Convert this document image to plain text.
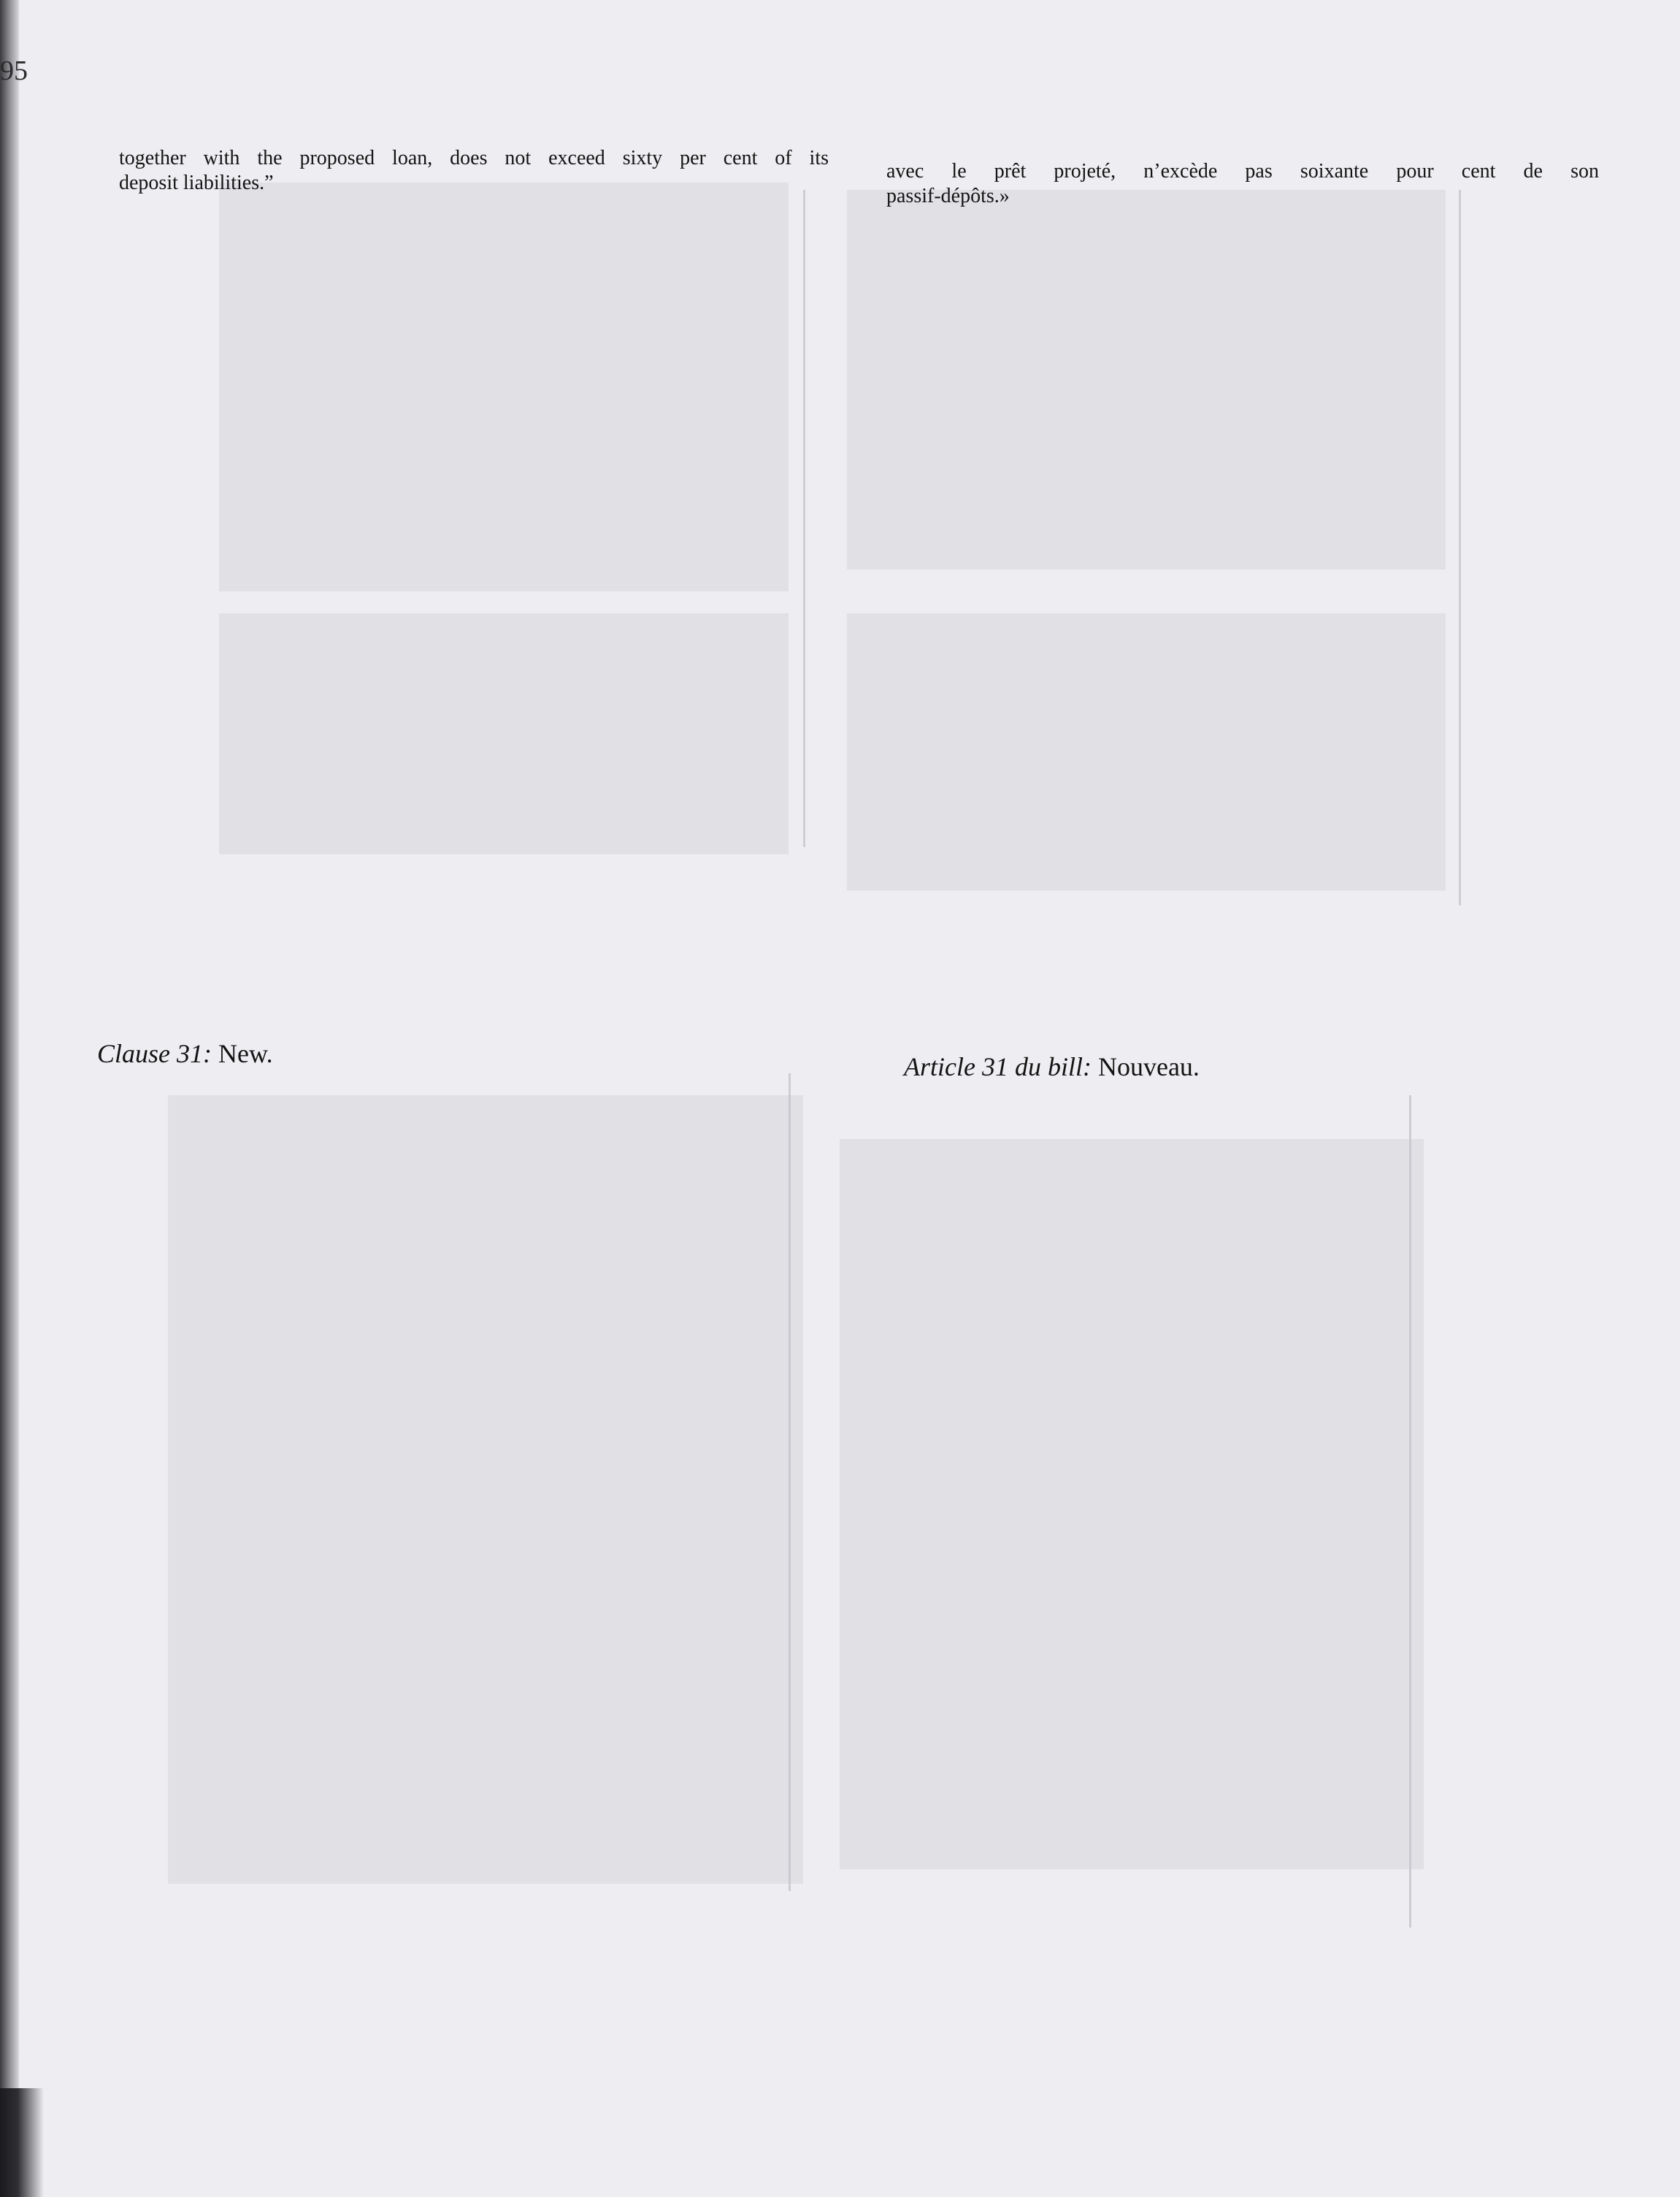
95
together with the proposed loan, does not exceed sixty per cent of its
deposit liabilities.”
Clause 31: New.
avec le prêt projeté, n’excède pas soixante pour cent de son
passif-dépôts.»
Article 31 du bill: Nouveau.
